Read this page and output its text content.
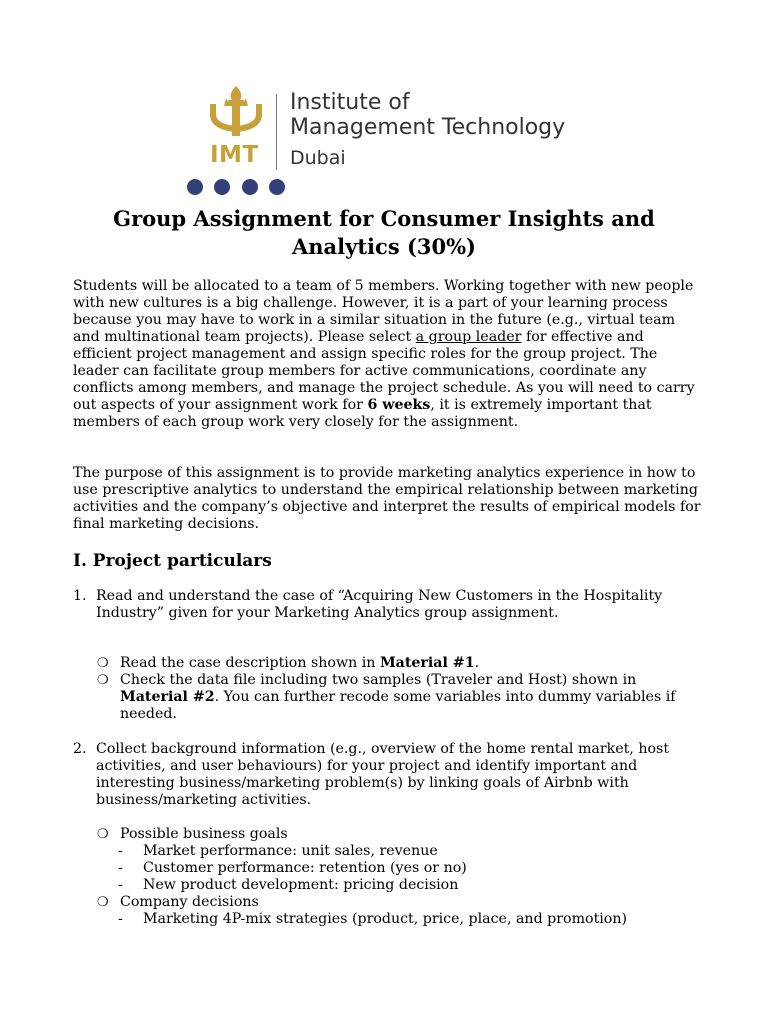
IMT
Institute of
Management Technology
Dubai
Group Assignment for Consumer Insights and Analytics (30%)

Students will be allocated to a team of 5 members. Working together with new people with new cultures is a big challenge. However, it is a part of your learning process because you may have to work in a similar situation in the future (e.g., virtual team and multinational team projects). Please select a group leader for effective and efficient project management and assign specific roles for the group project. The leader can facilitate group members for active communications, coordinate any conflicts among members, and manage the project schedule. As you will need to carry out aspects of your assignment work for 6 weeks, it is extremely important that members of each group work very closely for the assignment.

The purpose of this assignment is to provide marketing analytics experience in how to use prescriptive analytics to understand the empirical relationship between marketing activities and the company’s objective and interpret the results of empirical models for final marketing decisions.

I. Project particulars
1. Read and understand the case of “Acquiring New Customers in the Hospitality Industry” given for your Marketing Analytics group assignment.
❍ Read the case description shown in Material #1.
❍ Check the data file including two samples (Traveler and Host) shown in Material #2. You can further recode some variables into dummy variables if needed.
2. Collect background information (e.g., overview of the home rental market, host activities, and user behaviours) for your project and identify important and interesting business/marketing problem(s) by linking goals of Airbnb with business/marketing activities.
❍ Possible business goals
- Market performance: unit sales, revenue
- Customer performance: retention (yes or no)
- New product development: pricing decision
❍ Company decisions
- Marketing 4P-mix strategies (product, price, place, and promotion)
